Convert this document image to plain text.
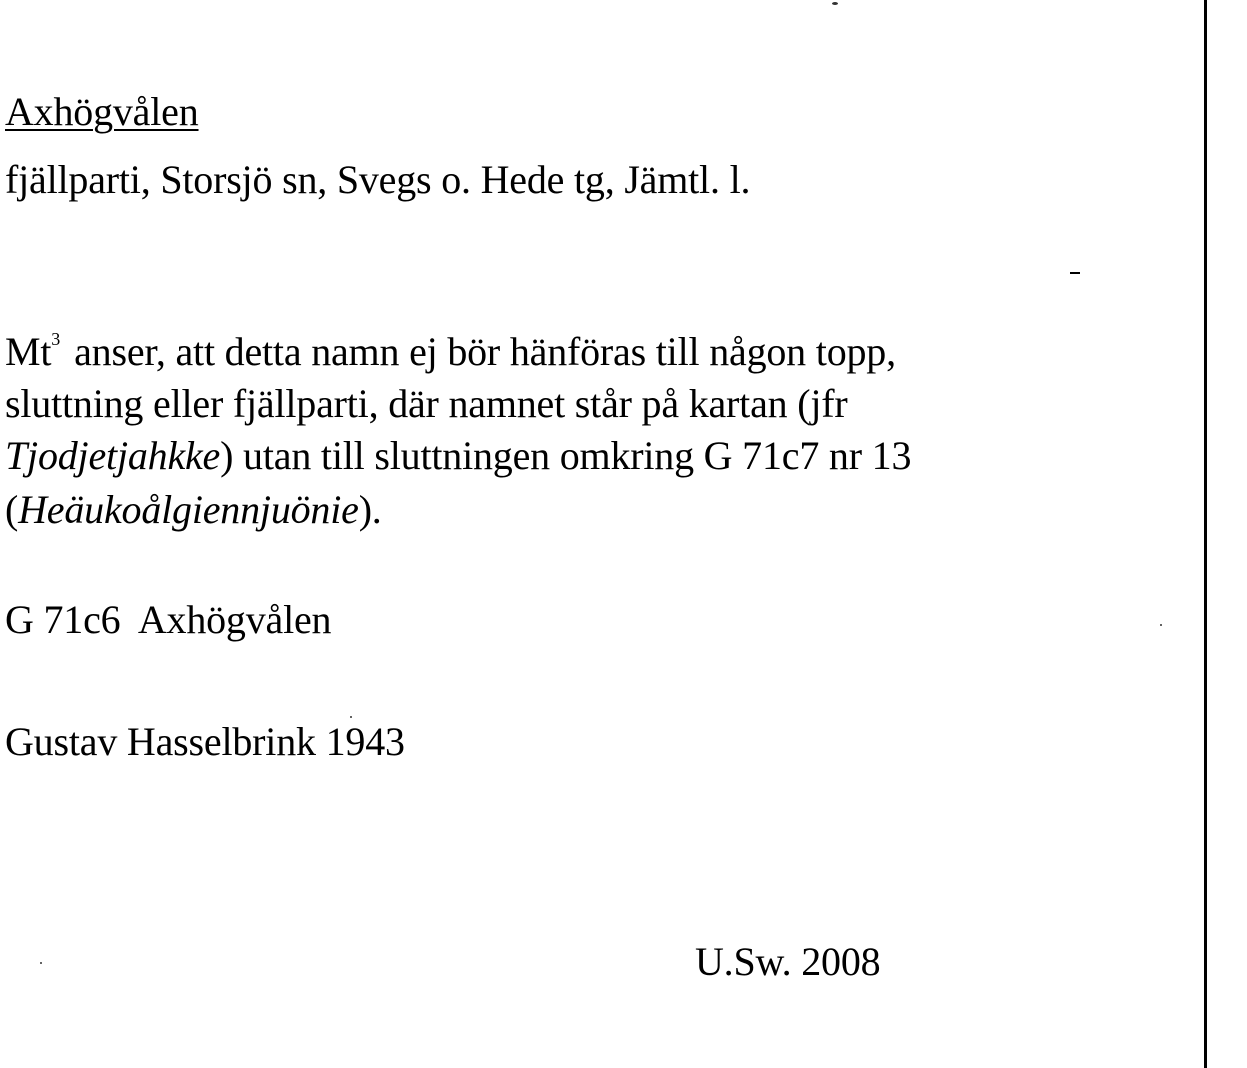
Axhögvålen
fjällparti, Storsjö sn, Svegs o. Hede tg, Jämtl. l.
Mt$^3$ anser, att detta namn ej bör hänföras till någon topp,
sluttning eller fjällparti, där namnet står på kartan (jfr
Tjodjetjahkke) utan till sluttningen omkring G 71c7 nr 13
(Heäukoålgiennjuönie).
G 71c6  Axhögvålen
Gustav Hasselbrink 1943
U.Sw. 2008
